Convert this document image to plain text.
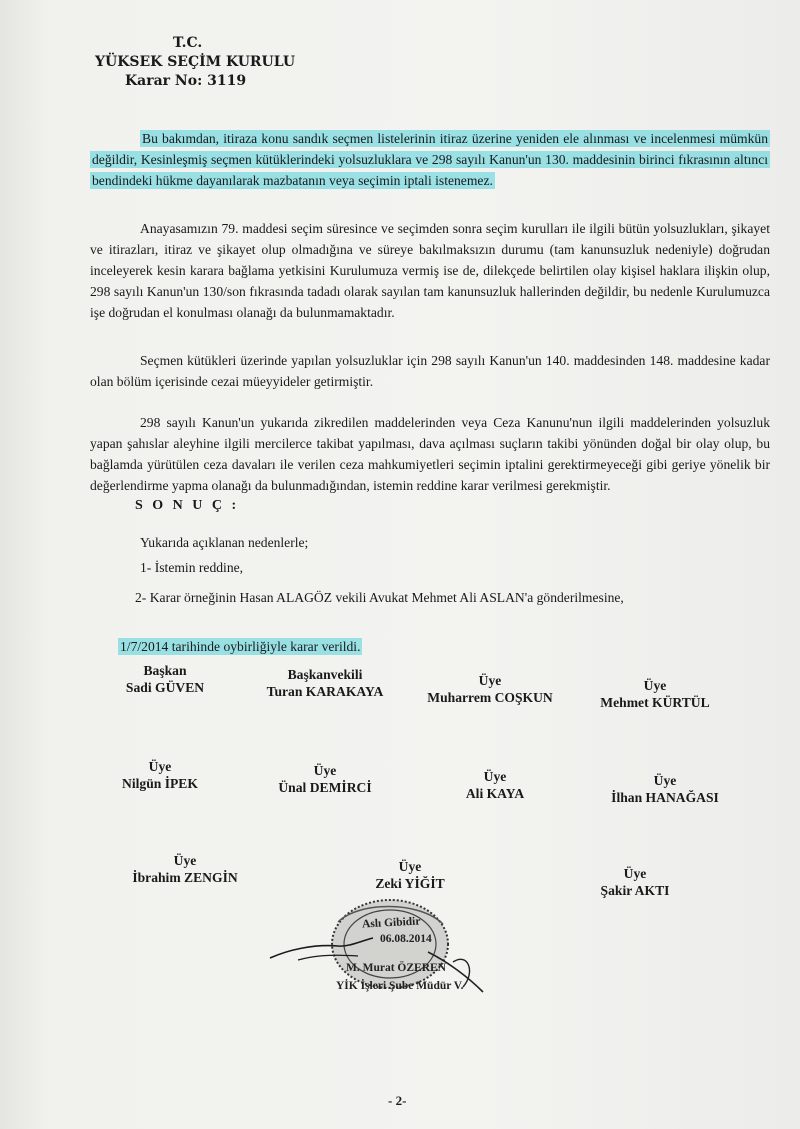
T.C.
YÜKSEK SEÇİM KURULU
Karar No: 3119
Bu bakımdan, itiraza konu sandık seçmen listelerinin itiraz üzerine yeniden ele alınması ve incelenmesi mümkün değildir, Kesinleşmiş seçmen kütüklerindeki yolsuzluklara ve 298 sayılı Kanun'un 130. maddesinin birinci fıkrasının altıncı bendindeki hükme dayanılarak mazbatanın veya seçimin iptali istenemez.
Anayasamızın 79. maddesi seçim süresince ve seçimden sonra seçim kurulları ile ilgili bütün yolsuzlukları, şikayet ve itirazları, itiraz ve şikayet olup olmadığına ve süreye bakılmaksızın durumu (tam kanunsuzluk nedeniyle) doğrudan inceleyerek kesin karara bağlama yetkisini Kurulumuza vermiş ise de, dilekçede belirtilen olay kişisel haklara ilişkin olup, 298 sayılı Kanun'un 130/son fıkrasında tadadı olarak sayılan tam kanunsuzluk hallerinden değildir, bu nedenle Kurulumuzca işe doğrudan el konulması olanağı da bulunmamaktadır.
Seçmen kütükleri üzerinde yapılan yolsuzluklar için 298 sayılı Kanun'un 140. maddesinden 148. maddesine kadar olan bölüm içerisinde cezai müeyyideler getirmiştir.
298 sayılı Kanun'un yukarıda zikredilen maddelerinden veya Ceza Kanunu'nun ilgili maddelerinden yolsuzluk yapan şahıslar aleyhine ilgili mercilerce takibat yapılması, dava açılması suçların takibi yönünden doğal bir olay olup, bu bağlamda yürütülen ceza davaları ile verilen ceza mahkumiyetleri seçimin iptalini gerektirmeyeceği gibi geriye yönelik bir değerlendirme yapma olanağı da bulunmadığından, istemin reddine karar verilmesi gerekmiştir.
S O N U Ç :
Yukarıda açıklanan nedenlerle;
1- İstemin reddine,
2- Karar örneğinin Hasan ALAGÖZ vekili Avukat Mehmet Ali ASLAN'a gönderilmesine,
1/7/2014 tarihinde oybirliğiyle karar verildi.
Başkan
Sadi GÜVEN
Başkanvekili
Turan KARAKAYA
Üye
Muharrem COŞKUN
Üye
Mehmet KÜRTÜL
Üye
Nilgün İPEK
Üye
Ünal DEMİRCİ
Üye
Ali KAYA
Üye
İlhan HANAĞASI
Üye
İbrahim ZENGİN
Üye
Zeki YİĞİT
Üye
Şakir AKTI
Aslı Gibidir
06.08.2014
M. Murat ÖZEREN
YİK İşleri Şube Müdür V.
- 2-
